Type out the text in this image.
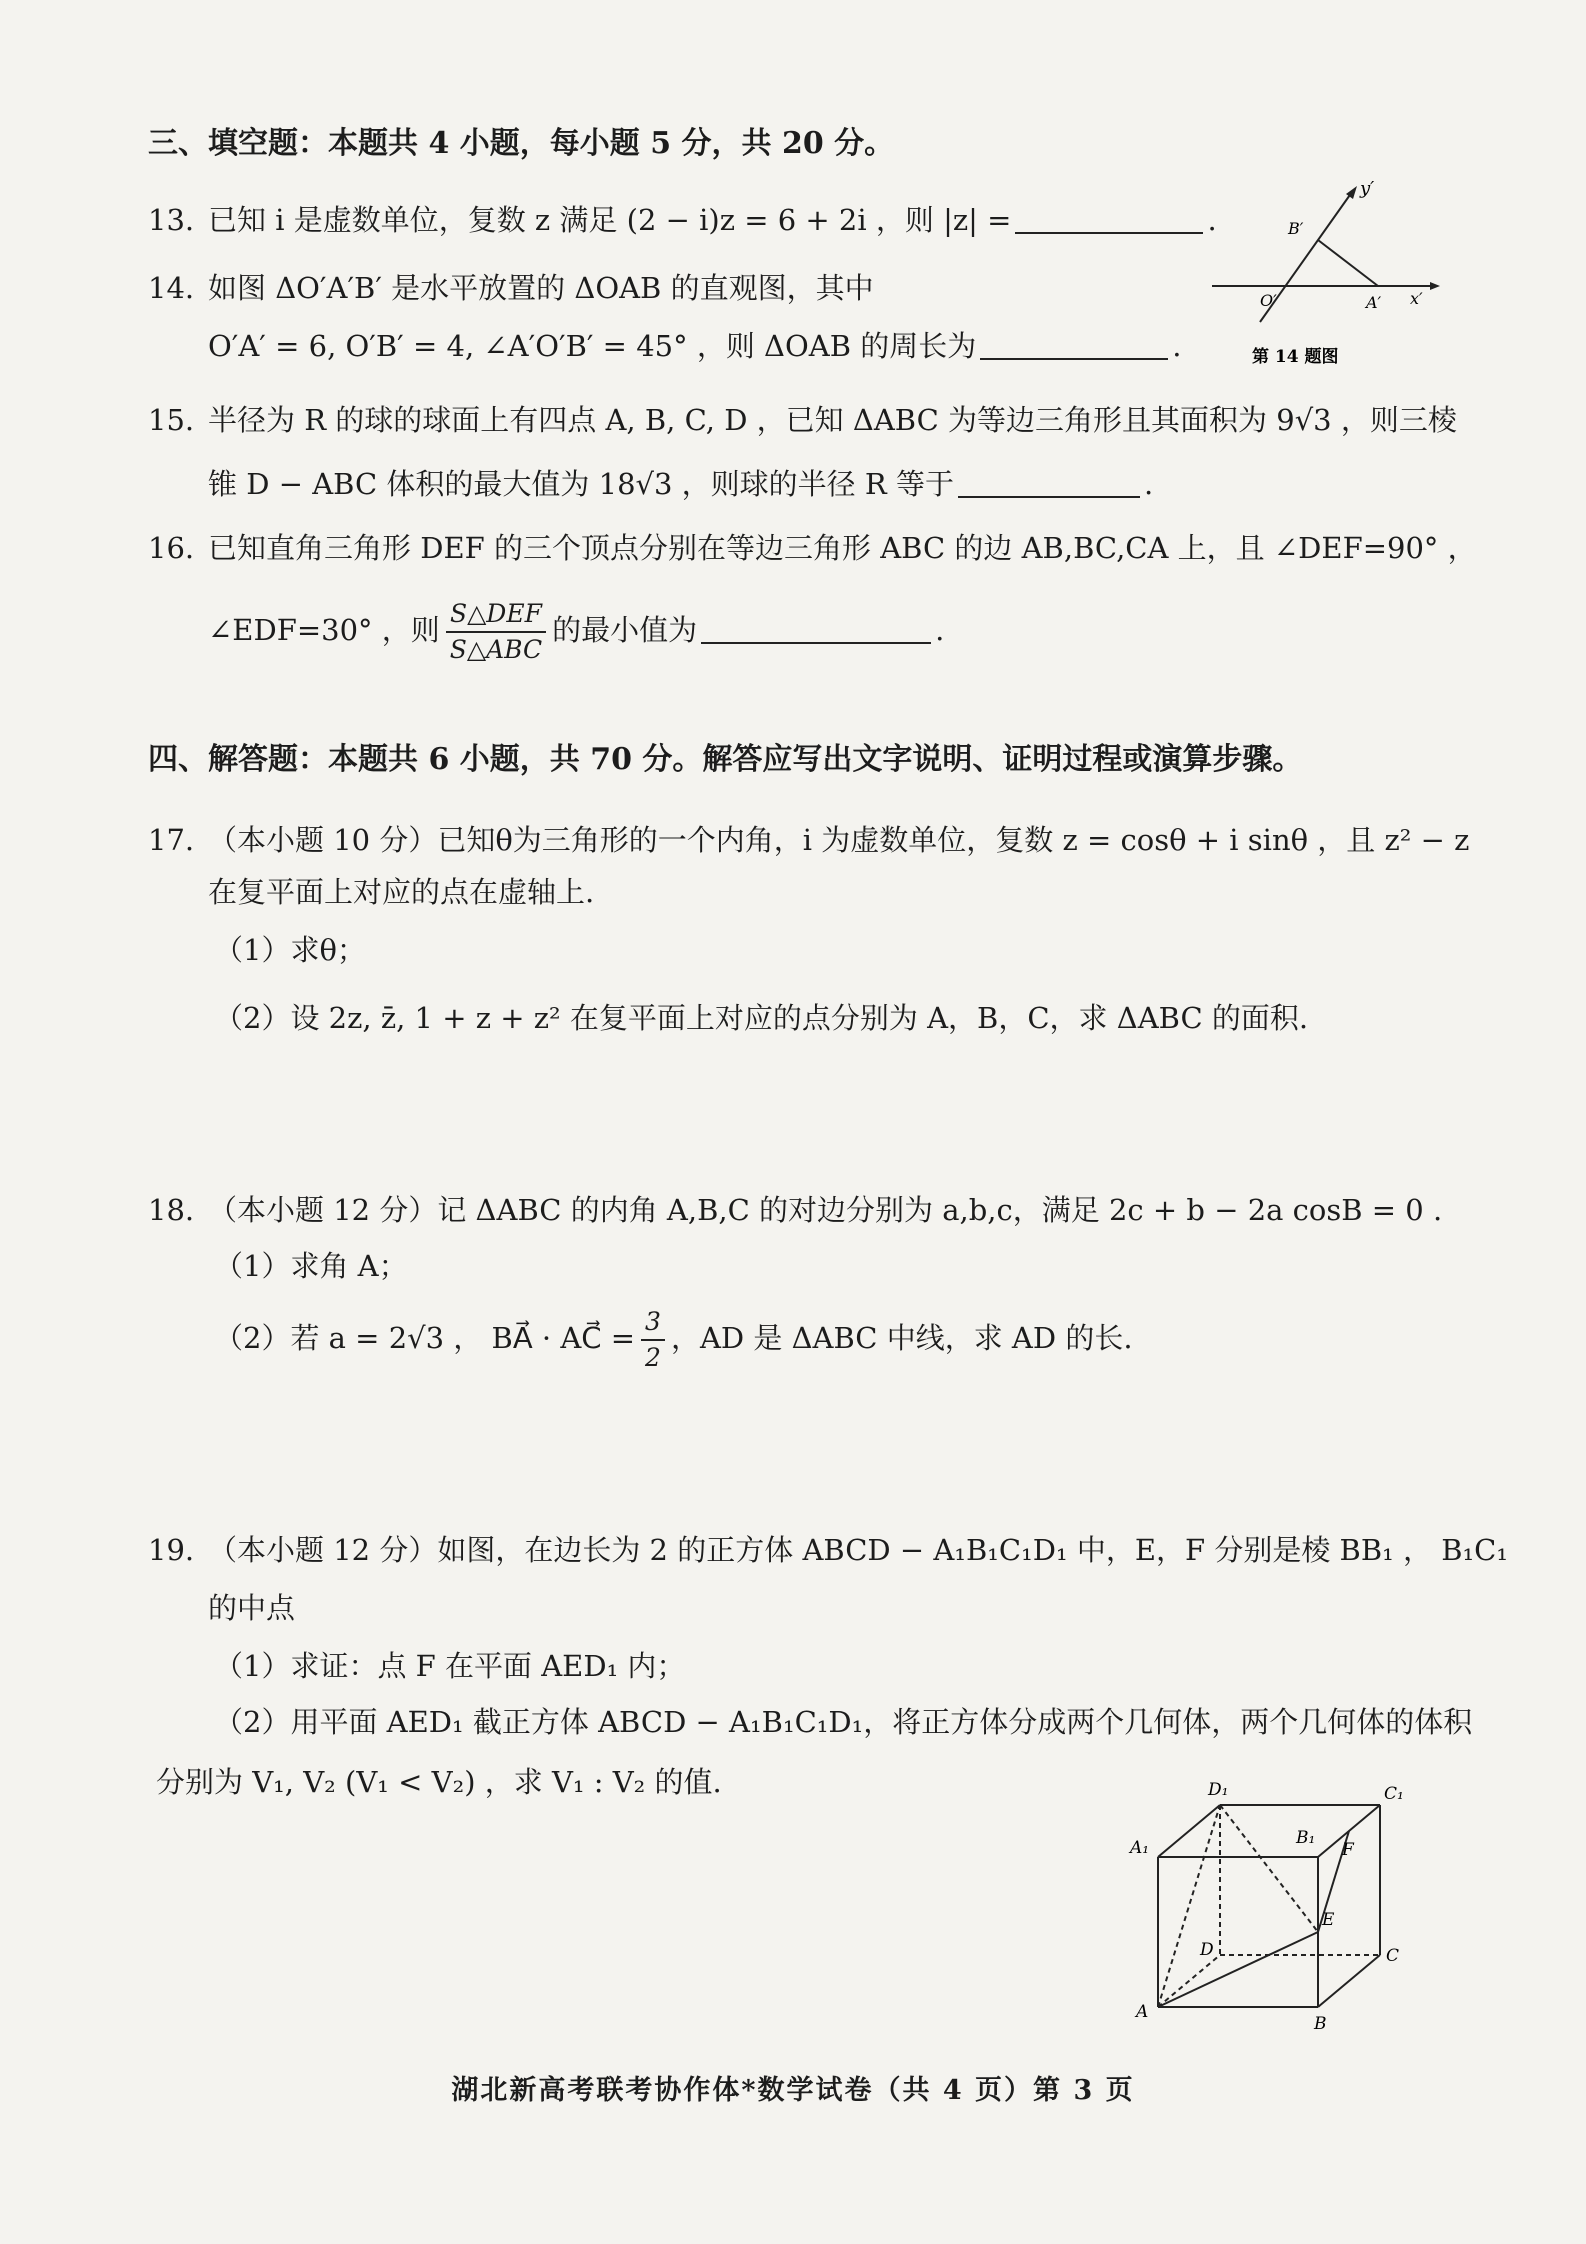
三、填空题：本题共 4 小题，每小题 5 分，共 20 分。
13. 已知 i 是虚数单位，复数 z 满足 (2 − i)z = 6 + 2i ，则 |z| =	.
14. 如图 ΔO′A′B′ 是水平放置的 ΔOAB 的直观图，其中
O′A′ = 6, O′B′ = 4, ∠A′O′B′ = 45° ，则 ΔOAB 的周长为	.
y′
x′
O′	A′
B′
第 14 题图
15. 半径为 R 的球的球面上有四点 A, B, C, D ，已知 ΔABC 为等边三角形且其面积为 9√3 ，则三棱
锥 D − ABC 体积的最大值为 18√3 ，则球的半径 R 等于	.
16. 已知直角三角形 DEF 的三个顶点分别在等边三角形 ABC 的边 AB,BC,CA 上，且 ∠DEF=90° ，
∠EDF=30° ，则 $\frac{\text{S△DEF}}{\text{S△ABC}}$ 的最小值为	.
四、解答题：本题共 6 小题，共 70 分。解答应写出文字说明、证明过程或演算步骤。
17. （本小题 10 分）已知θ为三角形的一个内角，i 为虚数单位，复数 z = cosθ + i sinθ ，且 z² − z
在复平面上对应的点在虚轴上.
（1）求θ；
（2）设 2z, z̄, 1 + z + z² 在复平面上对应的点分别为 A，B，C，求 ΔABC 的面积.
18. （本小题 12 分）记 ΔABC 的内角 A,B,C 的对边分别为 a,b,c，满足 2c + b − 2a cosB = 0 .
（1）求角 A；
（2）若 a = 2√3 ， BA⃗ · AC⃗ = $\frac{3}{2}$ ，AD 是 ΔABC 中线，求 AD 的长.
19. （本小题 12 分）如图，在边长为 2 的正方体 ABCD − A₁B₁C₁D₁ 中，E，F 分别是棱 BB₁ ， B₁C₁
的中点
（1）求证：点 F 在平面 AED₁ 内；
（2）用平面 AED₁ 截正方体 ABCD − A₁B₁C₁D₁，将正方体分成两个几何体，两个几何体的体积
分别为 V₁, V₂ (V₁ < V₂) ，求 V₁ : V₂ 的值.	D₁	C₁
A₁	B₁
F
E
D	C
A
B
湖北新高考联考协作体*数学试卷（共 4 页）第 3 页
